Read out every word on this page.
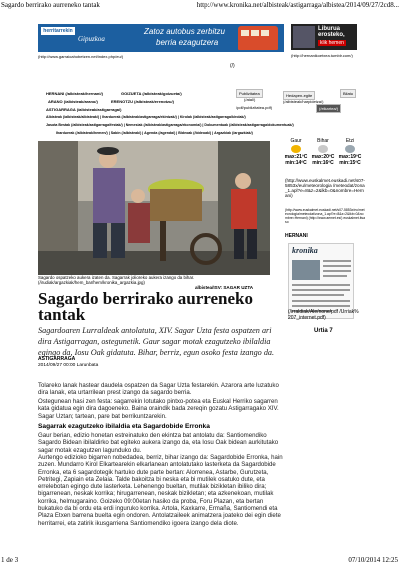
Sagardo berrirako aurreneko tantak	http://www.kronika.net/albisteak/astigarraga/albistea/2014/09/27/2cd8...
1 de 3	07/10/2014 12:25
herritarrekin
Gipuzkoa
Zatoz autobus zerbitzu
berria ezagutzera
(http://www.garraioahobetzen.net/index.php/eu/)
Liburua
erosteko,
klik hemen
(http://hernanikoetxea.tumblr.com/)
(/)
HERNANI (/albisteak/hernani/)	GOIZUETA (/albisteak/goizueta/)
ARANO (/albisteak/arano/)	ERENOTZU (/albisteak/erenotzu/)
ASTIGARRAGA (/albisteak/astigarraga/)
Albisteak (/albisteak/albisteak/) | Iharduerak (/albisteak/astigarraga/ekintzak/) | Kirolak (/albisteak/astigarraga/kirolak/)
Jasota Bestak (/albisteak/astigarraga/festak/) | Nemesiak (/albisteak/astigarraga/ekonomia/) | Dokumentuak (/albisteak/astigarraga/dokumentuak/)
Iharduerak (/albisteak/hemen/) | Sabin (/albisteak/) | Agenda (/agenda/) | Bideoak (/bideoak/) | Argazkiak (/argazkiak/)
Publizitatea	Hedapen-egite	Bilatu
(/atal/)	(/albisteak/harpidetza/)
/pdf/publizitatea.pdf)	(/elkartea/)
Sagardo ospatzeko aukera izaten da. Sagarrak jolioreko aukera izango da bihar. (/irudiak/argazkiak/hem_bar/hem/kronika_argazkia.jpg)
albistea/ISV: SAGAR UZTA
Sagardo berrirako aurreneko tantak

Sagardoaren Lurraldeak antolatuta, XIV. Sagar Uzta festa ospatzen ari dira Astigarragan, ostegunetik. Gaur sagar motak ezagutzeko ibilaldia egingo da, Iosu Oak gidatuta. Bihar, berriz, egun osoko festa izango da.

ASTIGARRAGA
2014/09/27 00:00 Larunbata

Tolareko lanak hastear daudela ospatzen da Sagar Uzta festarekin. Azarora arte luzatuko dira lanak, eta urtarrilean prest izango da sagardo berria.

Ostegunean hasi zen festa: sagarrekin lotutako pintxo-potea eta Euskal Herriko sagarren kata gidatua egin dira dagoeneko. Baina oraindik bada zereqin gozatu Astigarragako XIV. Sagar Uztan; tartean, pare bat berrikuntzarekin.

Sagarrak ezagutzeko ibilaldia eta Sagardobide Erronka

Gaur berian, edizio honetan estreinatuko den ekintza bat antolatu da: Santiomendiko Sagardo Bidean ibilaldirko bat egiteko aukera izango da, eta Iosu Oak bidean aurkitutako sagar motak ezagutzen lagunduko du.

Aurtengo edizioko bigarren nobedadea, berriz, bihar izango da: Sagardobide Erronka, hain zuzen. Mundarro Kirol Elkartearekin elkarlanean antolatutako lasterketa da Sagardobide Erronka, eta 6 sagardotegik hartuko dute parte bertan: Alorrenea, Astarbe, Gurutzeta, Petritegi, Zapiain eta Zelaia. Talde bakoitza bi neska eta bi mutilek osatuko dute, eta errelebotan egingo dute lasterketa. Lehenengo bueltan, mutilak bizikletan ibiliko dira; bigarrenean, neskak korrika; hirugarrenean, neskak bizikletan; eta azkenekoan, mutilak korrika, helmugaraino. Goizeko 09:00etan hasiko da proba, Foru Plazan, eta bertan bukatuko da bi ordu eta erdi inguruko korrika. Artola, Kaxkarre, Ermaña, Santiomendi eta Plaza Etxen barrena buelta egin ondoren. Antolatzaileek animatzera joateko dei egin diete herritarrei, eta zatirik ikusgarriena Santiomendiko igoera izango dela diote.

Gaur
max:21ºC
min:14ºC
Bihar
max:20ºC
min:16ºC
Etzi
max:19ºC
min:15ºC
(http://www.euskalmet.euskadi.net/s07-5853x/eu/meteorologia /meteodat/zona_1.apl?e=8&z=2&lkb=0&nombre=Hernani)
(http://www.euskalmet.euskadi.net/s07-5853x/eu/meteorologia/meteodat/zona_1.apl?e=8&z=2&lkb=0&nombre=Hernani) (http://www.aemet.es/) euskalmet.itsaso
HERNANI
kronika
(/irraldiak/Ale/none/pdf /Urriak%207_internet.pdf)
Urtia 7
